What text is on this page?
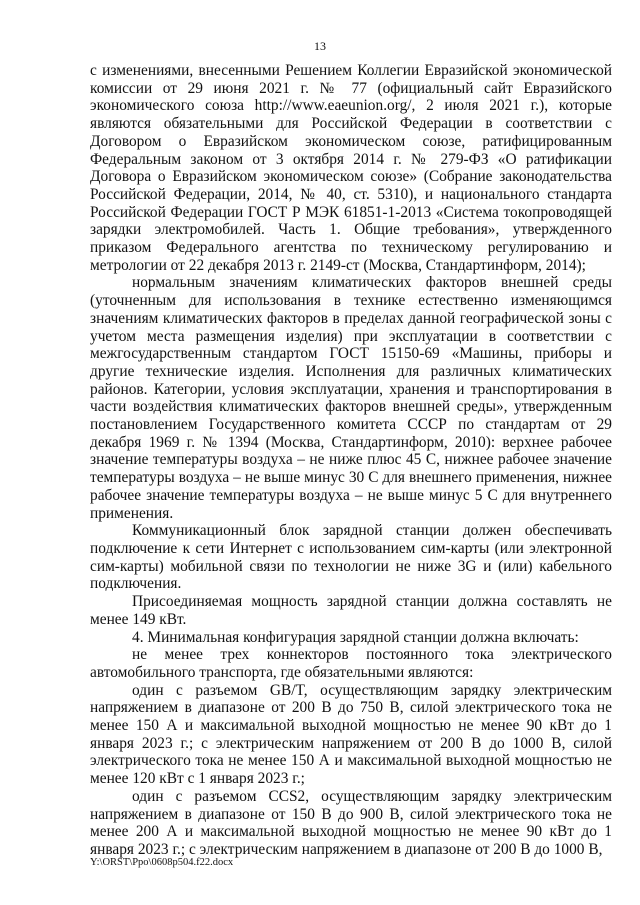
13

с изменениями, внесенными Решением Коллегии Евразийской экономической комиссии от 29 июня 2021 г. № 77 (официальный сайт Евразийского экономического союза http://www.eaeunion.org/, 2 июля 2021 г.), которые являются обязательными для Российской Федерации в соответствии с Договором о Евразийском экономическом союзе, ратифицированным Федеральным законом от 3 октября 2014 г. № 279-ФЗ «О ратификации Договора о Евразийском экономическом союзе» (Собрание законодательства Российской Федерации, 2014, № 40, ст. 5310), и национального стандарта Российской Федерации ГОСТ Р МЭК 61851-1-2013 «Система токопроводящей зарядки электромобилей. Часть 1. Общие требования», утвержденного приказом Федерального агентства по техническому регулированию и метрологии от 22 декабря 2013 г. 2149-ст (Москва, Стандартинформ, 2014);

нормальным значениям климатических факторов внешней среды (уточненным для использования в технике естественно изменяющимся значениям климатических факторов в пределах данной географической зоны с учетом места размещения изделия) при эксплуатации в соответствии с межгосударственным стандартом ГОСТ 15150-69 «Машины, приборы и другие технические изделия. Исполнения для различных климатических районов. Категории, условия эксплуатации, хранения и транспортирования в части воздействия климатических факторов внешней среды», утвержденным постановлением Государственного комитета СССР по стандартам от 29 декабря 1969 г. № 1394 (Москва, Стандартинформ, 2010): верхнее рабочее значение температуры воздуха – не ниже плюс 45 С, нижнее рабочее значение температуры воздуха – не выше минус 30 С для внешнего применения, нижнее рабочее значение температуры воздуха – не выше минус 5 С для внутреннего применения.

Коммуникационный блок зарядной станции должен обеспечивать подключение к сети Интернет с использованием сим-карты (или электронной сим-карты) мобильной связи по технологии не ниже 3G и (или) кабельного подключения.

Присоединяемая мощность зарядной станции должна составлять не менее 149 кВт.

4. Минимальная конфигурация зарядной станции должна включать:

не менее трех коннекторов постоянного тока электрического автомобильного транспорта, где обязательными являются:

один с разъемом GB/T, осуществляющим зарядку электрическим напряжением в диапазоне от 200 В до 750 В, силой электрического тока не менее 150 А и максимальной выходной мощностью не менее 90 кВт до 1 января 2023 г.; с электрическим напряжением от 200 В до 1000 В, силой электрического тока не менее 150 А и максимальной выходной мощностью не менее 120 кВт с 1 января 2023 г.;

один с разъемом CCS2, осуществляющим зарядку электрическим напряжением в диапазоне от 150 В до 900 В, силой электрического тока не менее 200 А и максимальной выходной мощностью не менее 90 кВт до 1 января 2023 г.; с электрическим напряжением в диапазоне от 200 В до 1000 В,

Y:\ORST\Ppo\0608p504.f22.docx
